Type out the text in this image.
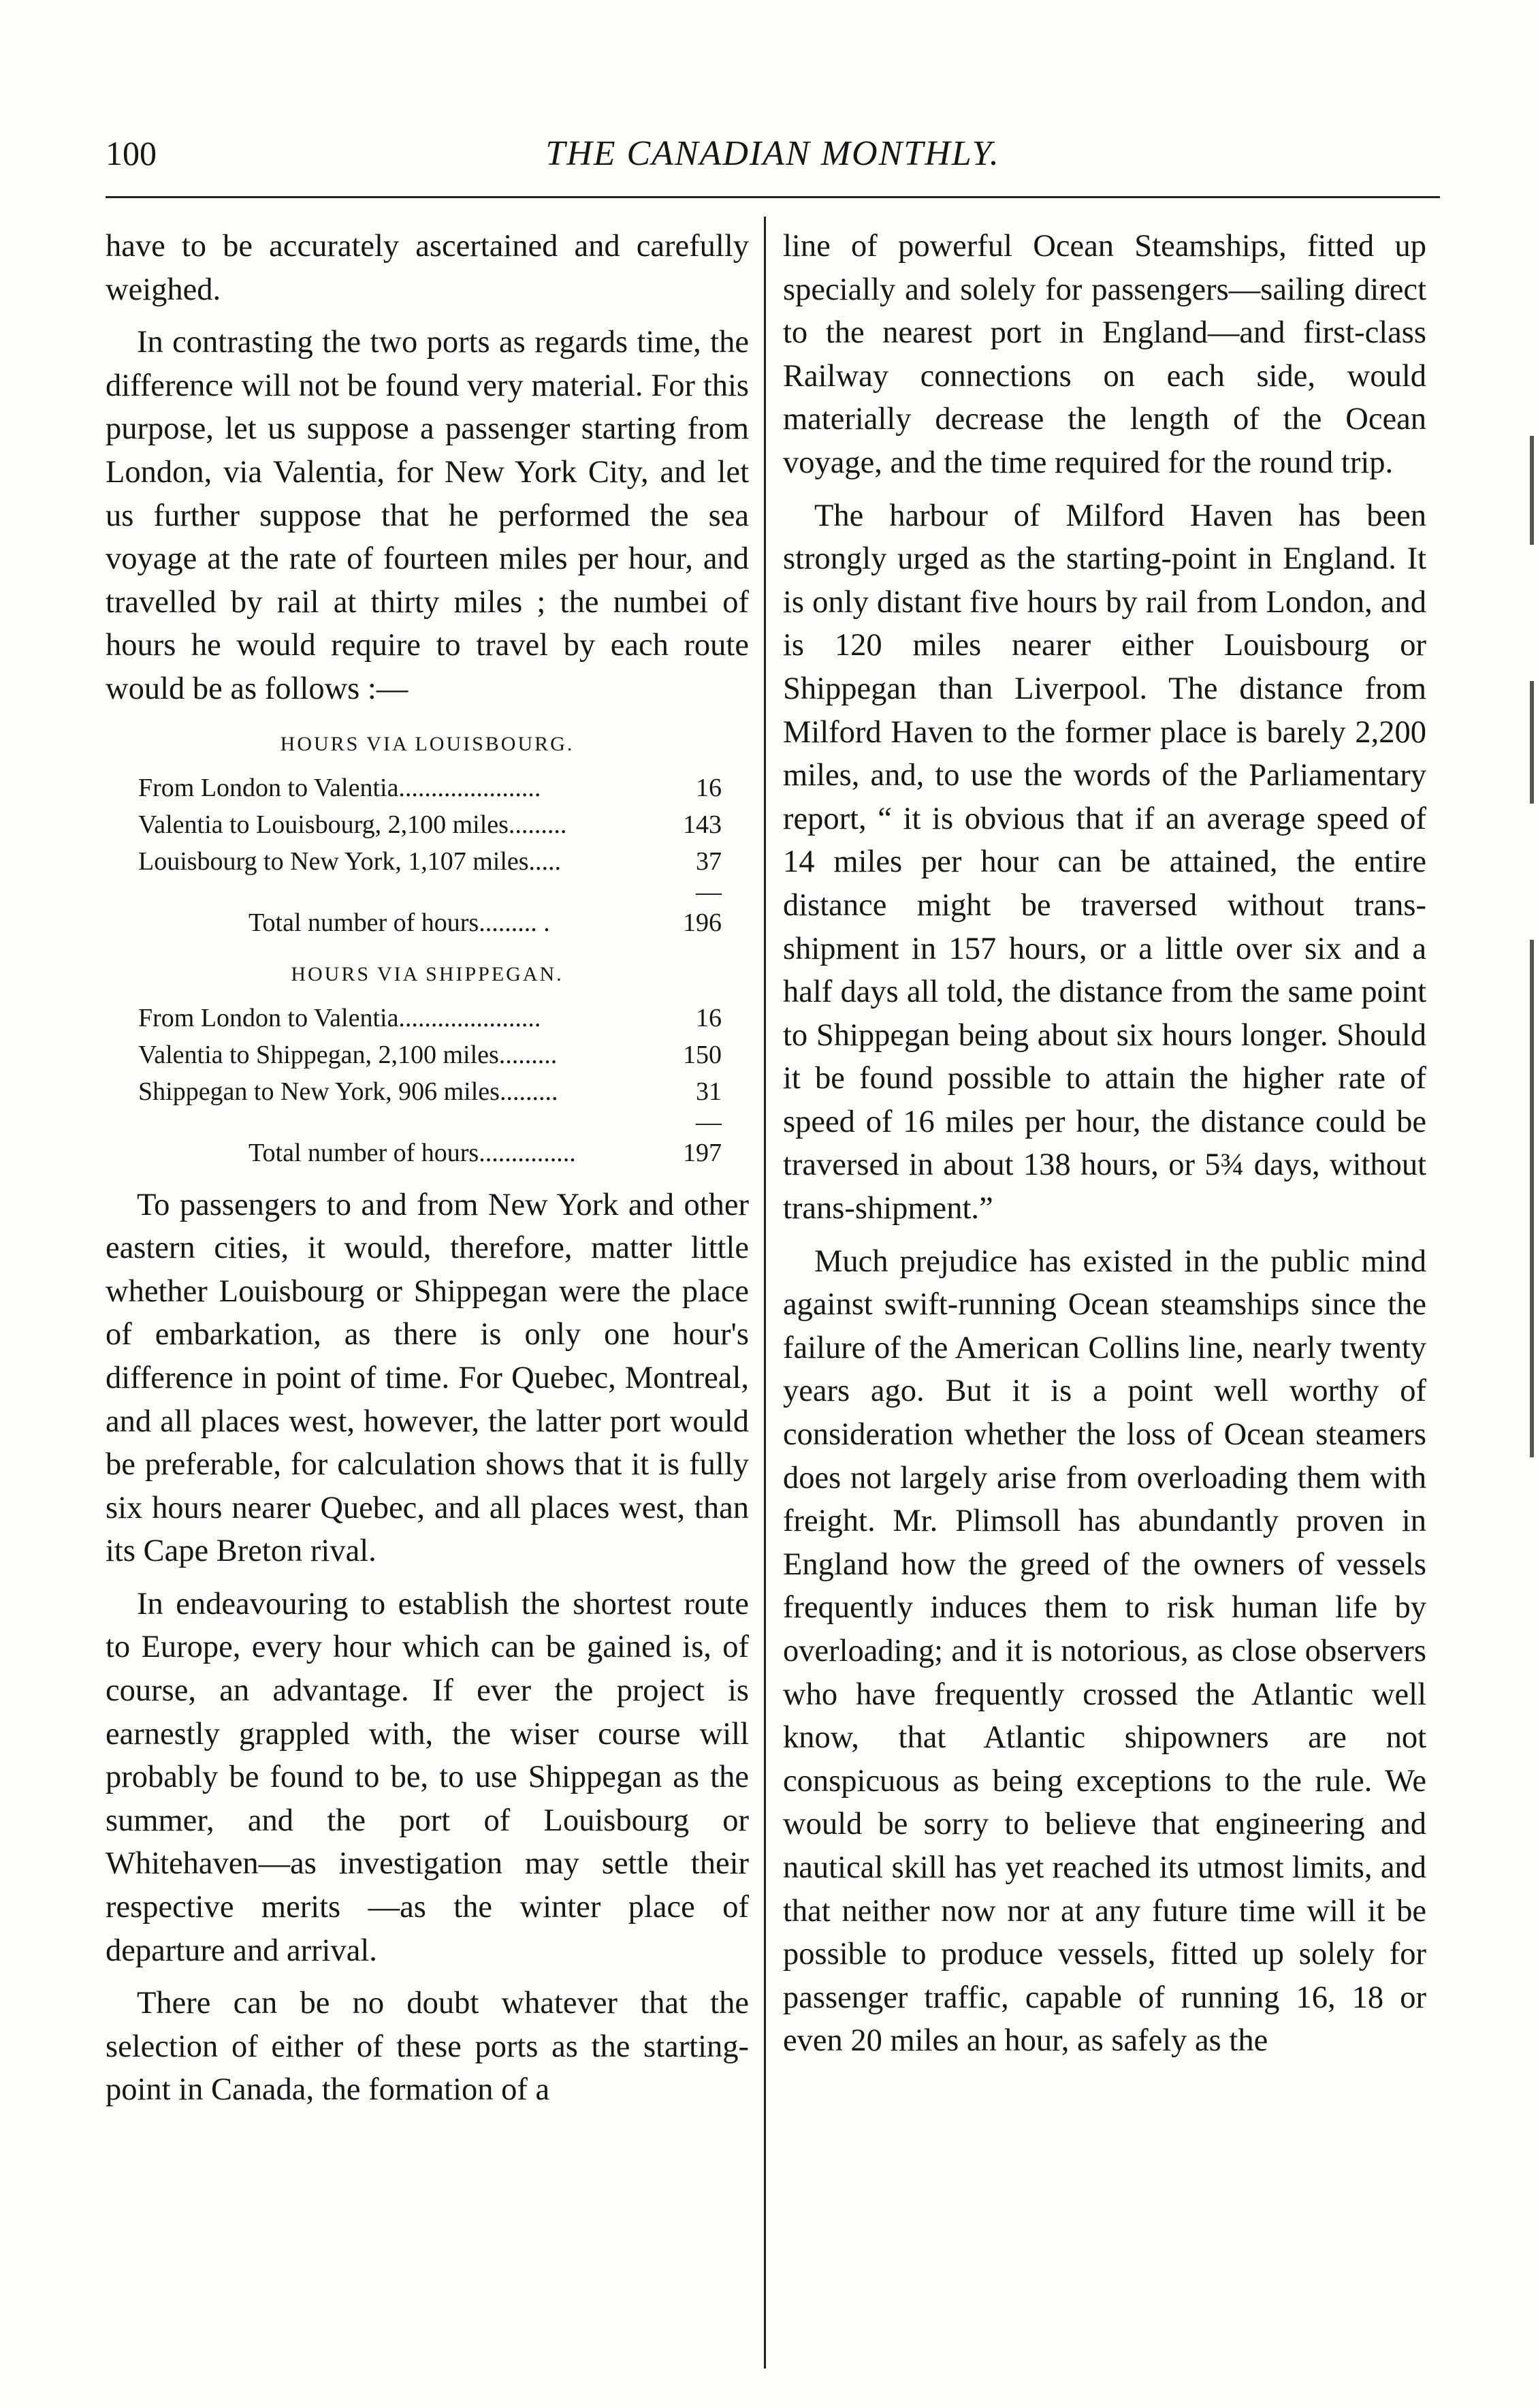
100	THE CANADIAN MONTHLY.

have to be accurately ascertained and carefully weighed.

In contrasting the two ports as regards time, the difference will not be found very material. For this purpose, let us suppose a passenger starting from London, via Valentia, for New York City, and let us further suppose that he performed the sea voyage at the rate of fourteen miles per hour, and travelled by rail at thirty miles ; the numbei of hours he would require to travel by each route would be as follows :—

HOURS VIA LOUISBOURG.
From London to Valentia......................	16
Valentia to Louisbourg, 2,100 miles.........	143
Louisbourg to New York, 1,107 miles.....	37
—
Total number of hours......... .	196
HOURS VIA SHIPPEGAN.
From London to Valentia......................	16
Valentia to Shippegan, 2,100 miles.........	150
Shippegan to New York, 906 miles.........	31
—
Total number of hours...............	197

To passengers to and from New York and other eastern cities, it would, therefore, matter little whether Louisbourg or Shippegan were the place of embarkation, as there is only one hour's difference in point of time. For Quebec, Montreal, and all places west, however, the latter port would be preferable, for calculation shows that it is fully six hours nearer Quebec, and all places west, than its Cape Breton rival.

In endeavouring to establish the shortest route to Europe, every hour which can be gained is, of course, an advantage. If ever the project is earnestly grappled with, the wiser course will probably be found to be, to use Shippegan as the summer, and the port of Louisbourg or Whitehaven—as investigation may settle their respective merits —as the winter place of departure and arrival.

There can be no doubt whatever that the selection of either of these ports as the starting-point in Canada, the formation of a

line of powerful Ocean Steamships, fitted up specially and solely for passengers—sailing direct to the nearest port in England—and first-class Railway connections on each side, would materially decrease the length of the Ocean voyage, and the time required for the round trip.

The harbour of Milford Haven has been strongly urged as the starting-point in England. It is only distant five hours by rail from London, and is 120 miles nearer either Louisbourg or Shippegan than Liverpool. The distance from Milford Haven to the former place is barely 2,200 miles, and, to use the words of the Parliamentary report, “ it is obvious that if an average speed of 14 miles per hour can be attained, the entire distance might be traversed without trans-shipment in 157 hours, or a little over six and a half days all told, the distance from the same point to Shippegan being about six hours longer. Should it be found possible to attain the higher rate of speed of 16 miles per hour, the distance could be traversed in about 138 hours, or 5¾ days, without trans-shipment.”

Much prejudice has existed in the public mind against swift-running Ocean steamships since the failure of the American Collins line, nearly twenty years ago. But it is a point well worthy of consideration whether the loss of Ocean steamers does not largely arise from overloading them with freight. Mr. Plimsoll has abundantly proven in England how the greed of the owners of vessels frequently induces them to risk human life by overloading; and it is notorious, as close observers who have frequently crossed the Atlantic well know, that Atlantic shipowners are not conspicuous as being exceptions to the rule. We would be sorry to believe that engineering and nautical skill has yet reached its utmost limits, and that neither now nor at any future time will it be possible to produce vessels, fitted up solely for passenger traffic, capable of running 16, 18 or even 20 miles an hour, as safely as the
